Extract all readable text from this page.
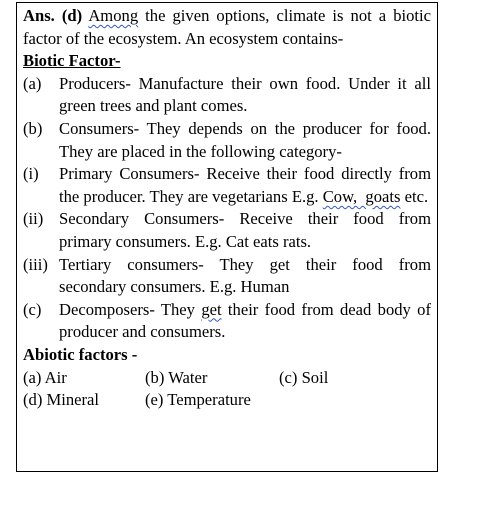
Ans. (d) Among the given options, climate is not a biotic factor of the ecosystem. An ecosystem contains-

Biotic Factor-

(a)	Producers- Manufacture their own food. Under it all green trees and plant comes.
(b)	Consumers- They depends on the producer for food. They are placed in the following category-
(i)	Primary Consumers- Receive their food directly from the producer. They are vegetarians E.g. Cow,  goats etc.
(ii) Secondary Consumers- Receive their food from primary consumers. E.g. Cat eats rats.
(iii) Tertiary consumers- They get their food from secondary consumers. E.g. Human
(c)	Decomposers- They get their food from dead body of producer and consumers.

Abiotic factors -

(a) Air	(b) Water	(c) Soil
(d) Mineral	(e) Temperature
